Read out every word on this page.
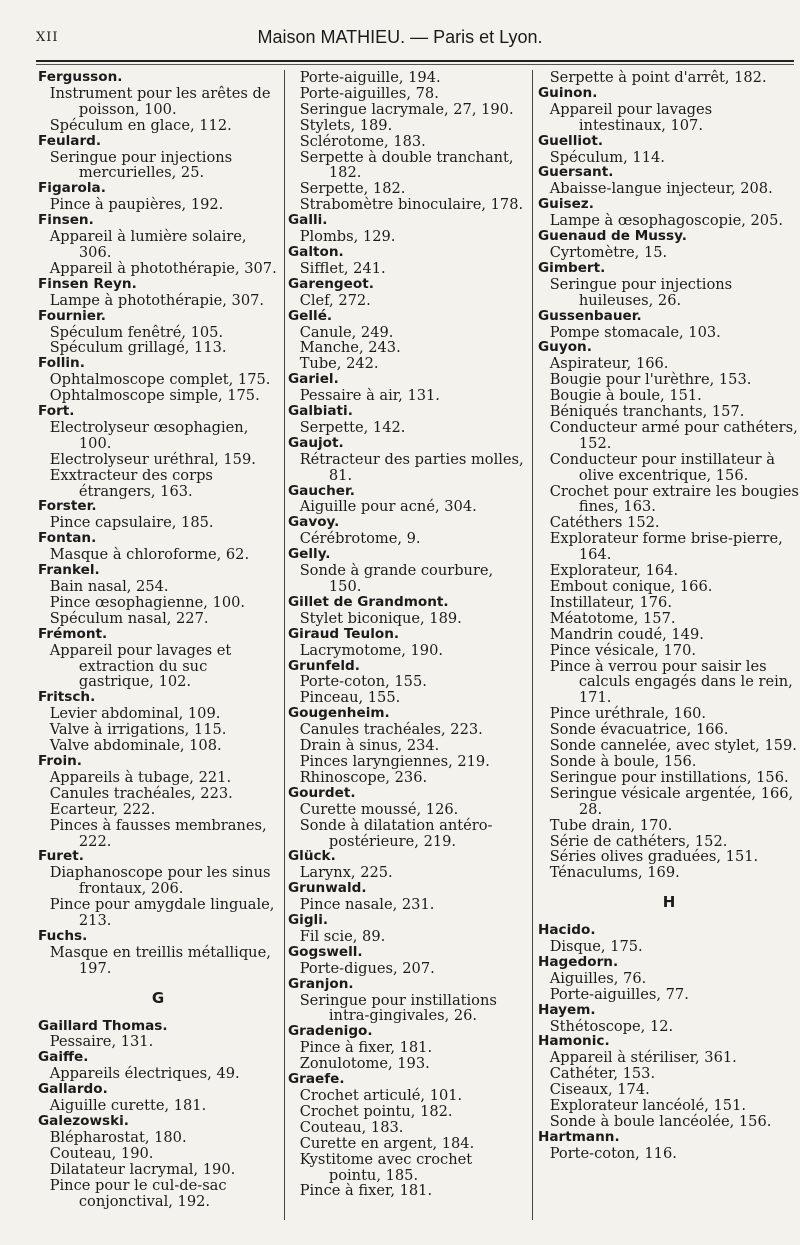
XII	Maison MATHIEU. — Paris et Lyon.
Fergusson.
Instrument pour les arêtes de poisson, 100.
Spéculum en glace, 112.
Feulard.
Seringue pour injections mercurielles, 25.
Figarola.
Pince à paupières, 192.
Finsen.
Appareil à lumière solaire, 306.
Appareil à photothérapie, 307.
Finsen Reyn.
Lampe à photothérapie, 307.
Fournier.
Spéculum fenêtré, 105.
Spéculum grillagé, 113.
Follin.
Ophtalmoscope complet, 175.
Ophtalmoscope simple, 175.
Fort.
Electrolyseur œsophagien, 100.
Electrolyseur uréthral, 159.
Exxtracteur des corps étrangers, 163.
Forster.
Pince capsulaire, 185.
Fontan.
Masque à chloroforme, 62.
Frankel.
Bain nasal, 254.
Pince œsophagienne, 100.
Spéculum nasal, 227.
Frémont.
Appareil pour lavages et extraction du suc gastrique, 102.
Fritsch.
Levier abdominal, 109.
Valve à irrigations, 115.
Valve abdominale, 108.
Froin.
Appareils à tubage, 221.
Canules trachéales, 223.
Ecarteur, 222.
Pinces à fausses membranes, 222.
Furet.
Diaphanoscope pour les sinus frontaux, 206.
Pince pour amygdale linguale, 213.
Fuchs.
Masque en treillis métallique, 197.
G
Gaillard Thomas.
Pessaire, 131.
Gaiffe.
Appareils électriques, 49.
Gallardo.
Aiguille curette, 181.
Galezowski.
Blépharostat, 180.
Couteau, 190.
Dilatateur lacrymal, 190.
Pince pour le cul-de-sac conjonctival, 192.
Porte-aiguille, 194.
Porte-aiguilles, 78.
Seringue lacrymale, 27, 190.
Stylets, 189.
Sclérotome, 183.
Serpette à double tranchant, 182.
Serpette, 182.
Strabomètre binoculaire, 178.
Galli.
Plombs, 129.
Galton.
Sifflet, 241.
Garengeot.
Clef, 272.
Gellé.
Canule, 249.
Manche, 243.
Tube, 242.
Gariel.
Pessaire à air, 131.
Galbiati.
Serpette, 142.
Gaujot.
Rétracteur des parties molles, 81.
Gaucher.
Aiguille pour acné, 304.
Gavoy.
Cérébrotome, 9.
Gelly.
Sonde à grande courbure, 150.
Gillet de Grandmont.
Stylet biconique, 189.
Giraud Teulon.
Lacrymotome, 190.
Grunfeld.
Porte-coton, 155.
Pinceau, 155.
Gougenheim.
Canules trachéales, 223.
Drain à sinus, 234.
Pinces laryngiennes, 219.
Rhinoscope, 236.
Gourdet.
Curette moussé, 126.
Sonde à dilatation antéro-postérieure, 219.
Glück.
Larynx, 225.
Grunwald.
Pince nasale, 231.
Gigli.
Fil scie, 89.
Gogswell.
Porte-digues, 207.
Granjon.
Seringue pour instillations intra-gingivales, 26.
Gradenigo.
Pince à fixer, 181.
Zonulotome, 193.
Graefe.
Crochet articulé, 101.
Crochet pointu, 182.
Couteau, 183.
Curette en argent, 184.
Kystitome avec crochet pointu, 185.
Pince à fixer, 181.
Serpette à point d'arrêt, 182.
Guinon.
Appareil pour lavages intestinaux, 107.
Guelliot.
Spéculum, 114.
Guersant.
Abaisse-langue injecteur, 208.
Guisez.
Lampe à œsophagoscopie, 205.
Guenaud de Mussy.
Cyrtomètre, 15.
Gimbert.
Seringue pour injections huileuses, 26.
Gussenbauer.
Pompe stomacale, 103.
Guyon.
Aspirateur, 166.
Bougie pour l'urèthre, 153.
Bougie à boule, 151.
Béniqués tranchants, 157.
Conducteur armé pour cathéters, 152.
Conducteur pour instillateur à olive excentrique, 156.
Crochet pour extraire les bougies fines, 163.
Catéthers 152.
Explorateur forme brise-pierre, 164.
Explorateur, 164.
Embout conique, 166.
Instillateur, 176.
Méatotome, 157.
Mandrin coudé, 149.
Pince vésicale, 170.
Pince à verrou pour saisir les calculs engagés dans le rein, 171.
Pince uréthrale, 160.
Sonde évacuatrice, 166.
Sonde cannelée, avec stylet, 159.
Sonde à boule, 156.
Seringue pour instillations, 156.
Seringue vésicale argentée, 166, 28.
Tube drain, 170.
Série de cathéters, 152.
Séries olives graduées, 151.
Ténaculums, 169.
H
Hacido.
Disque, 175.
Hagedorn.
Aiguilles, 76.
Porte-aiguilles, 77.
Hayem.
Sthétoscope, 12.
Hamonic.
Appareil à stériliser, 361.
Cathéter, 153.
Ciseaux, 174.
Explorateur lancéolé, 151.
Sonde à boule lancéolée, 156.
Hartmann.
Porte-coton, 116.
